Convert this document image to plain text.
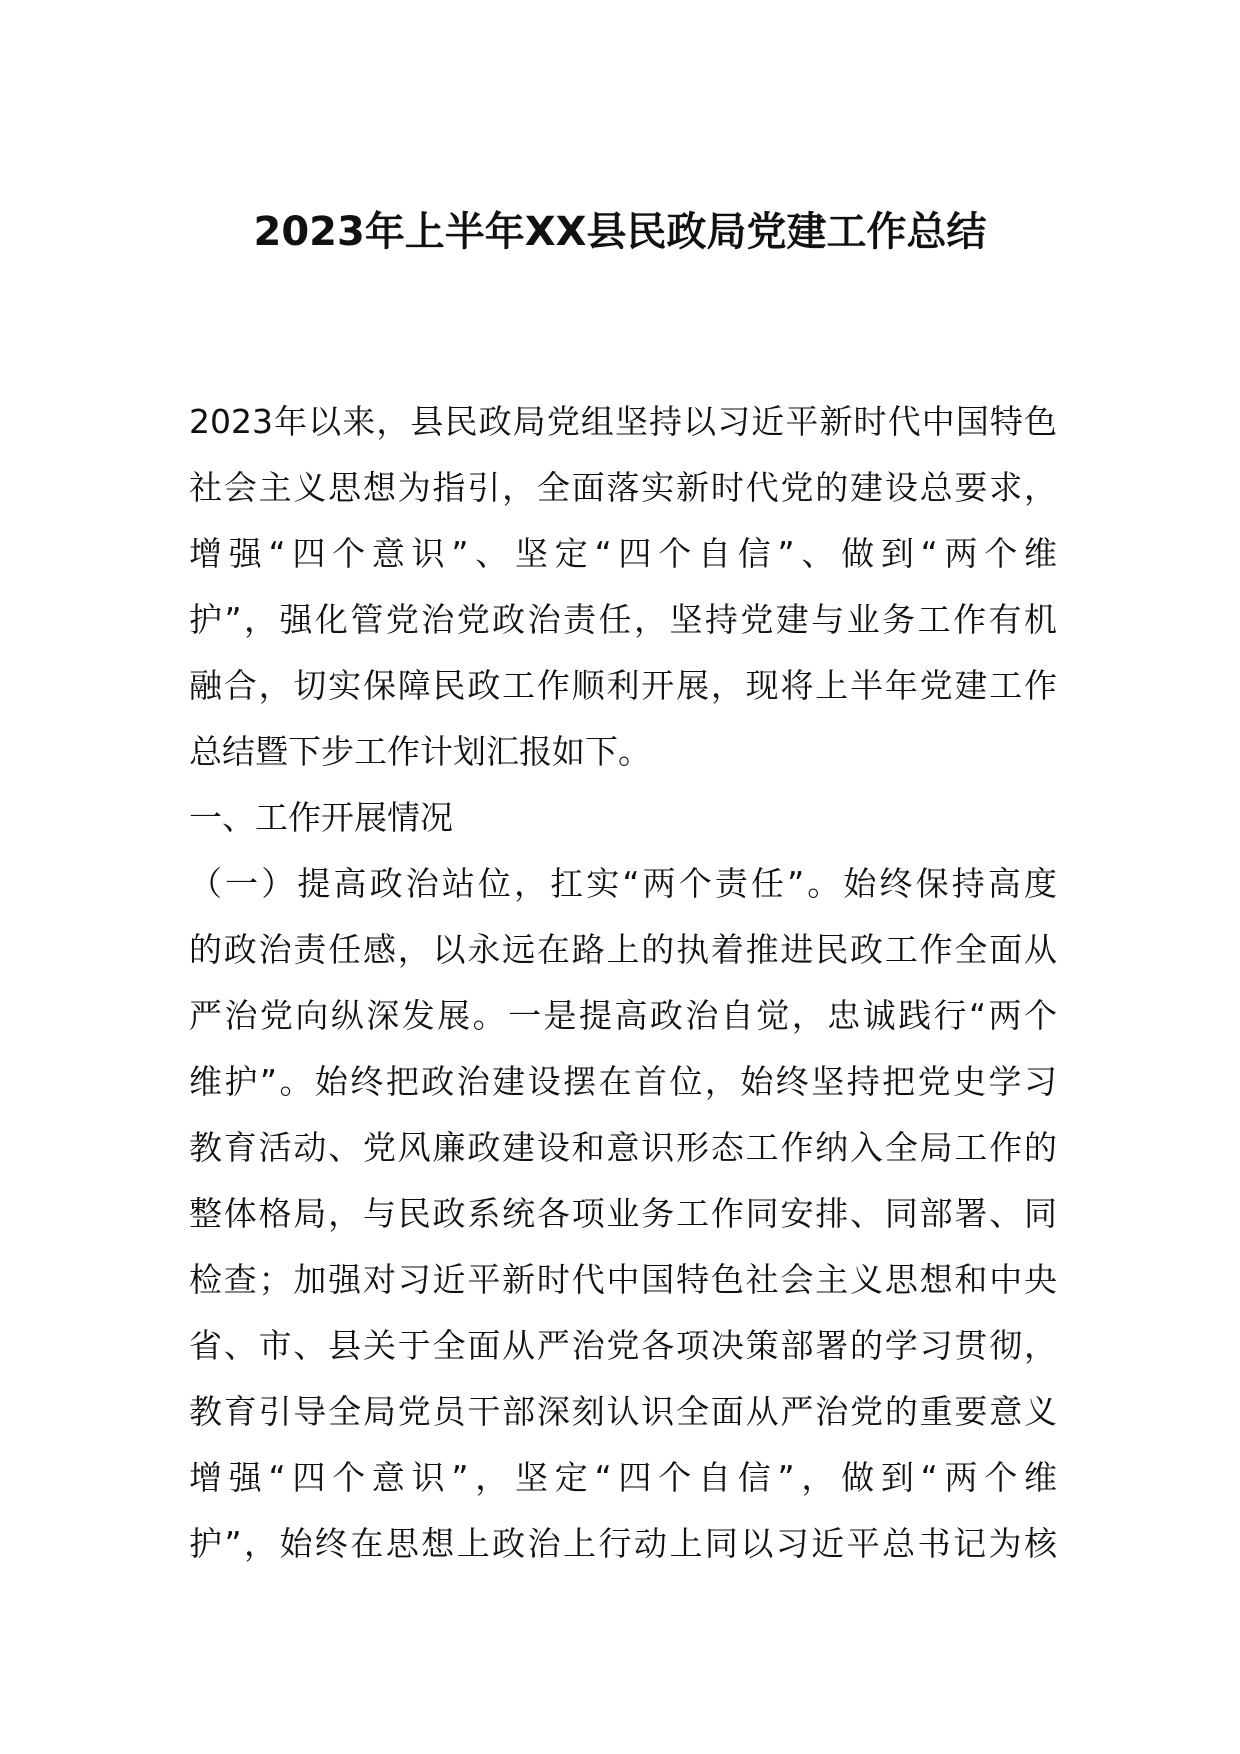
2023年上半年XX县民政局党建工作总结
2023年以来，县民政局党组坚持以习近平新时代中国特色
社会主义思想为指引，全面落实新时代党的建设总要求，
增强“四个意识”、坚定“四个自信”、做到“两个维
护”，强化管党治党政治责任，坚持党建与业务工作有机
融合，切实保障民政工作顺利开展，现将上半年党建工作
总结暨下步工作计划汇报如下。
一、工作开展情况
（一）提高政治站位，扛实“两个责任”。始终保持高度
的政治责任感，以永远在路上的执着推进民政工作全面从
严治党向纵深发展。一是提高政治自觉，忠诚践行“两个
维护”。始终把政治建设摆在首位，始终坚持把党史学习
教育活动、党风廉政建设和意识形态工作纳入全局工作的
整体格局，与民政系统各项业务工作同安排、同部署、同
检查；加强对习近平新时代中国特色社会主义思想和中央
省、市、县关于全面从严治党各项决策部署的学习贯彻，
教育引导全局党员干部深刻认识全面从严治党的重要意义
增强“四个意识”，坚定“四个自信”，做到“两个维
护”，始终在思想上政治上行动上同以习近平总书记为核
